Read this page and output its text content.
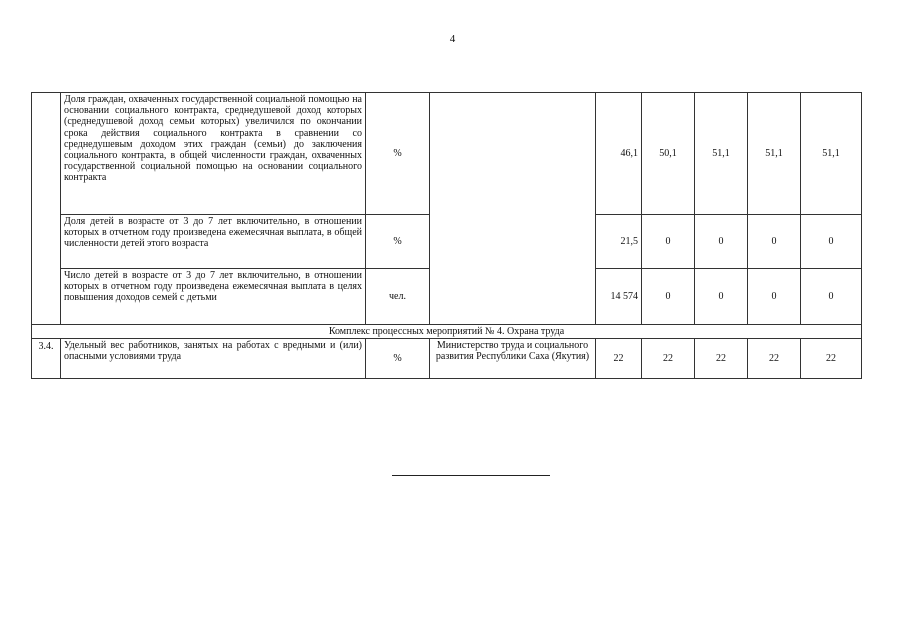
4
	Доля граждан, охваченных государственной социальной помощью на основании социального контракта, среднедушевой доход которых (среднедушевой доход семьи которых) увеличился по окончании срока действия социального контракта в сравнении со среднедушевым доходом этих граждан (семьи) до заключения социального контракта, в общей численности граждан, охваченных государственной социальной помощью на основании социального контракта	%		46,1	50,1	51,1	51,1	51,1
	Доля детей в возрасте от 3 до 7 лет включительно, в отношении которых в отчетном году произведена ежемесячная выплата, в общей численности детей этого возраста	%		21,5	0	0	0	0
	Число детей в возрасте от 3 до 7 лет включительно, в отношении которых в отчетном году произведена ежемесячная выплата в целях повышения доходов семей с детьми	чел.		14 574	0	0	0	0
Комплекс процессных мероприятий № 4. Охрана труда								
3.4.	Удельный вес работников, занятых на работах с вредными и (или) опасными условиями труда	%	Министерство труда и социального развития Республики Саха (Якутия)	22	22	22	22	22
